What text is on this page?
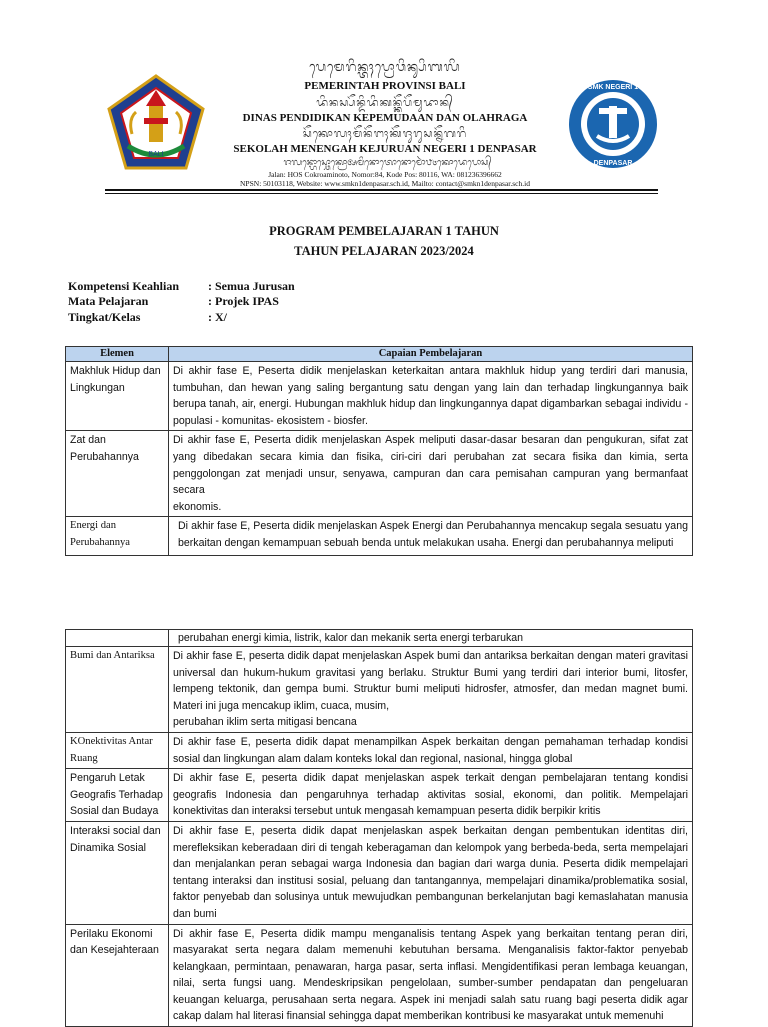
BALI
SMK NEGERI 1
DENPASAR
ᬧᬾᬫᬾᬭᬶᬦ᭄ᬢᬄᬧ᭄ᬭᭀᬯᬶᬦ᭄ᬲᬶᬩᬮᬶ
PEMERINTAH PROVINSI BALI
ᬤᬶᬦᬲ᭄ᬧᭂᬦ᭄ᬤᬶᬤᬶᬓᬦ᭄ᬓᭂᬧᭂᬫᬸᬤᬵᬦ᭄
DINAS PENDIDIKAN KEPEMUDAAN DAN OLAHRAGA
ᬲᭂᬓᭀᬮᬄᬫᭂᬦᭂᬗᬄᬓᭂᬚᬸᬭᬸᬲᬦ᭄ᬦᭂᬕᬭᬶ
SEKOLAH MENENGAH KEJURUAN NEGERI 1 DENPASAR
ᬚᬮᬦ᭄ᬳᭀᬲ᭄ᬘᭀᬓ᭄ᬭᭀᬅᬫᬶᬦᭀᬢᭀᬦᭀᬫᭀᬃ᭘᭔ᬓᭀᬤᬾᬧᭀᬲ᭄
Jalan: HOS Cokroaminoto, Nomor:84, Kode Pos: 80116, WA: 081236396662
NPSN: 50103118, Website: www.smkn1denpasar.sch.id, Mailto: contact@smkn1denpasar.sch.id
PROGRAM PEMBELAJARAN 1 TAHUN
TAHUN PELAJARAN 2023/2024
Kompetensi Keahlian : Semua Jurusan
Mata Pelajaran	: Projek IPAS
Tingkat/Kelas	: X/
Elemen	Capaian Pembelajaran
Makhluk Hidup dan Lingkungan	Di akhir fase E, Peserta didik menjelaskan keterkaitan antara makhluk hidup yang terdiri dari manusia, tumbuhan, dan hewan yang saling bergantung satu dengan yang lain dan terhadap lingkungannya baik berupa tanah, air, energi. Hubungan makhluk hidup dan lingkungannya dapat digambarkan sebagai individu - populasi - komunitas- ekosistem - biosfer.
Zat dan Perubahannya	Di akhir fase E, Peserta didik menjelaskan Aspek meliputi dasar-dasar besaran dan pengukuran, sifat zat yang dibedakan secara kimia dan fisika, ciri-ciri dari perubahan zat secara fisika dan kimia, serta penggolongan zat menjadi unsur, senyawa, campuran dan cara pemisahan campuran yang bermanfaat secara
ekonomis.
Energi dan Perubahannya	Di akhir fase E, Peserta didik menjelaskan Aspek Energi dan Perubahannya mencakup segala sesuatu yang berkaitan dengan kemampuan sebuah benda untuk melakukan usaha. Energi dan perubahannya meliputi
	perubahan energi kimia, listrik, kalor dan mekanik serta energi terbarukan
Bumi dan Antariksa	Di akhir fase E, peserta didik dapat menjelaskan Aspek bumi dan antariksa berkaitan dengan materi gravitasi universal dan hukum-hukum gravitasi yang berlaku. Struktur Bumi yang terdiri dari interior bumi, litosfer, lempeng tektonik, dan gempa bumi. Struktur bumi meliputi hidrosfer, atmosfer, dan medan magnet bumi. Materi ini juga mencakup iklim, cuaca, musim,
perubahan iklim serta mitigasi bencana
KOnektivitas Antar Ruang	Di akhir fase E, peserta didik dapat menampilkan Aspek berkaitan dengan pemahaman terhadap kondisi sosial dan lingkungan alam dalam konteks lokal dan regional, nasional, hingga global
Pengaruh Letak Geografis Terhadap Sosial dan Budaya	Di akhir fase E, peserta didik dapat menjelaskan aspek terkait dengan pembelajaran tentang kondisi geografis Indonesia dan pengaruhnya terhadap aktivitas sosial, ekonomi, dan politik. Mempelajari konektivitas dan interaksi tersebut untuk mengasah kemampuan peserta didik berpikir kritis
Interaksi social dan Dinamika Sosial	Di akhir fase E, peserta didik dapat menjelaskan aspek berkaitan dengan pembentukan identitas diri, merefleksikan keberadaan diri di tengah keberagaman dan kelompok yang berbeda-beda, serta mempelajari dan menjalankan peran sebagai warga Indonesia dan bagian dari warga dunia. Peserta didik mempelajari tentang interaksi dan institusi sosial, peluang dan tantangannya, mempelajari dinamika/problematika sosial, faktor penyebab dan solusinya untuk mewujudkan pembangunan berkelanjutan bagi kemaslahatan manusia dan bumi
Perilaku Ekonomi dan Kesejahteraan	Di akhir fase E, Peserta didik mampu menganalisis tentang Aspek yang berkaitan tentang peran diri, masyarakat serta negara dalam memenuhi kebutuhan bersama. Menganalisis faktor-faktor penyebab kelangkaan, permintaan, penawaran, harga pasar, serta inflasi. Mengidentifikasi peran lembaga keuangan, nilai, serta fungsi uang. Mendeskripsikan pengelolaan, sumber-sumber pendapatan dan pengeluaran keuangan keluarga, perusahaan serta negara. Aspek ini menjadi salah satu ruang bagi peserta didik agar cakap dalam hal literasi finansial sehingga dapat memberikan kontribusi ke masyarakat untuk memenuhi
